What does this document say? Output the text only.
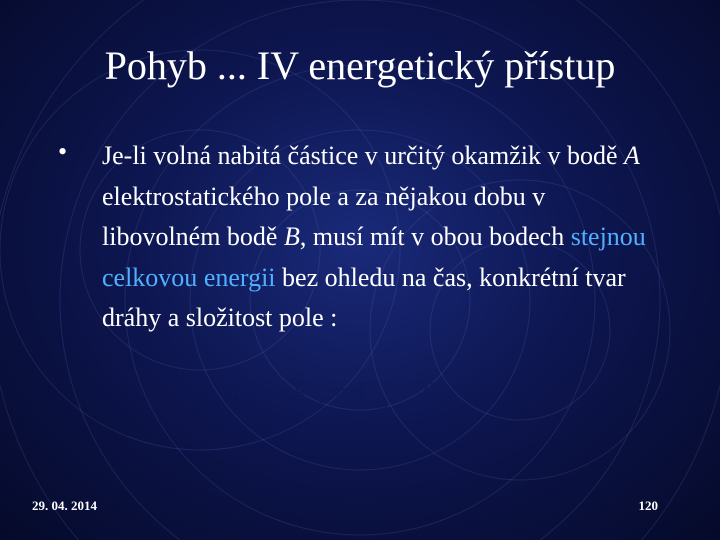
Pohyb ... IV energetický přístup
• Je-li volná nabitá částice v určitý okamžik v bodě A elektrostatického pole a za nějakou dobu v libovolném bodě B, musí mít v obou bodech stejnou celkovou energii bez ohledu na čas, konkrétní tvar dráhy a složitost pole :
$E_{kA} + E_{pA} = E_{kB} + E_{pB}$
29. 04. 2014	120
